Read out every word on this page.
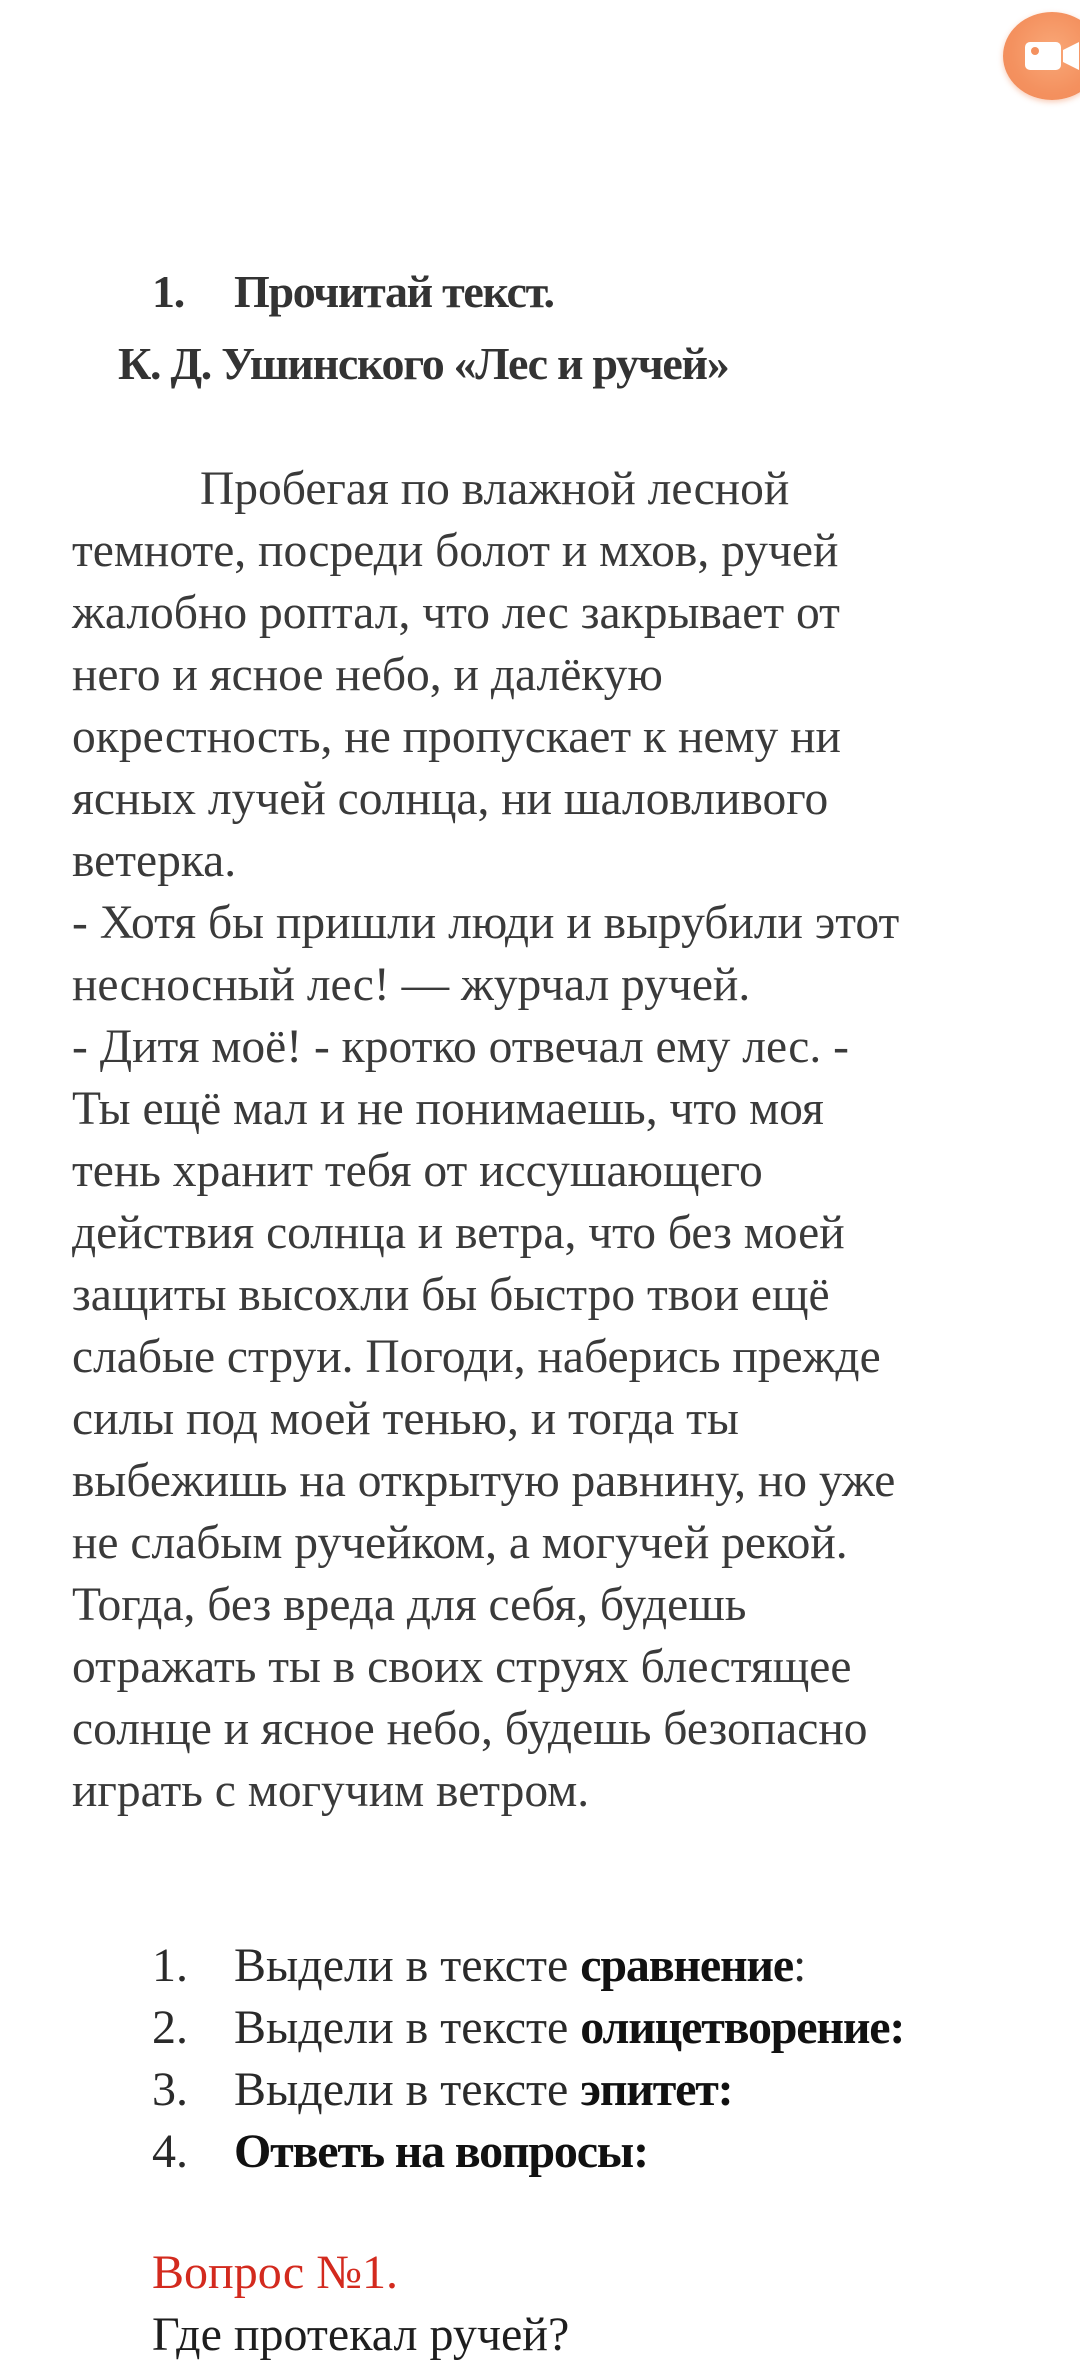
1. Прочитай текст.
К. Д. Ушинского «Лес и ручей»

Пробегая по влажной лесной

темноте, посреди болот и мхов, ручей

жалобно роптал, что лес закрывает от

него и ясное небо, и далёкую

окрестность, не пропускает к нему ни

ясных лучей солнца, ни шаловливого

ветерка.

- Хотя бы пришли люди и вырубили этот

несносный лес! — журчал ручей.

- Дитя моё! - кротко отвечал ему лес. -

Ты ещё мал и не понимаешь, что моя

тень хранит тебя от иссушающего

действия солнца и ветра, что без моей

защиты высохли бы быстро твои ещё

слабые струи. Погоди, наберись прежде

силы под моей тенью, и тогда ты

выбежишь на открытую равнину, но уже

не слабым ручейком, а могучей рекой.

Тогда, без вреда для себя, будешь

отражать ты в своих струях блестящее

солнце и ясное небо, будешь безопасно

играть с могучим ветром.

1. Выдели в тексте сравнение:
2. Выдели в тексте олицетворение:
3. Выдели в тексте эпитет:
4. Ответь на вопросы:
Вопрос №1.
Где протекал ручей?
